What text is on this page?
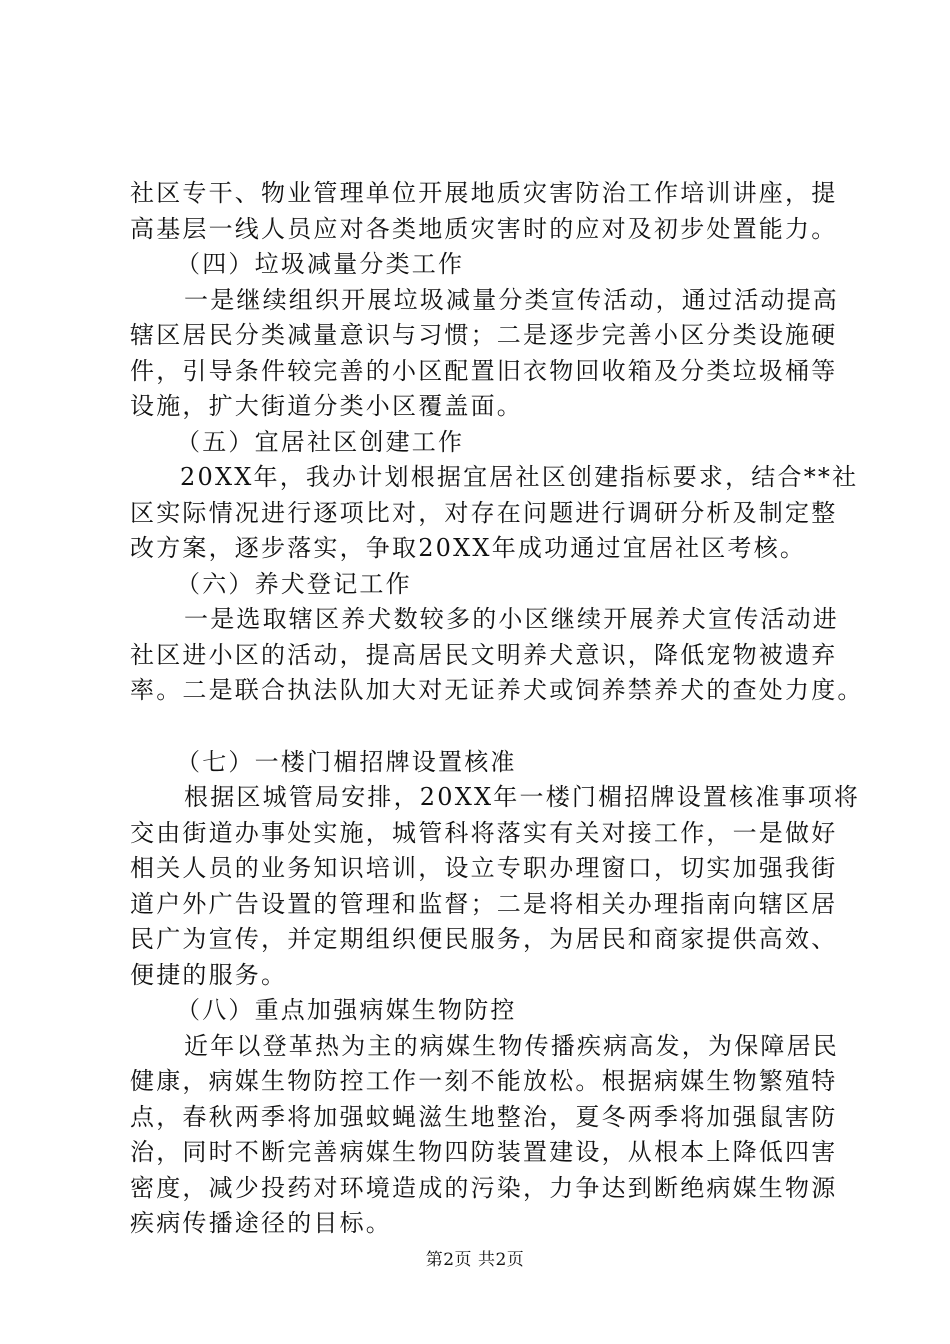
社区专干、物业管理单位开展地质灾害防治工作培训讲座，提
高基层一线人员应对各类地质灾害时的应对及初步处置能力。
（四）垃圾减量分类工作
一是继续组织开展垃圾减量分类宣传活动，通过活动提高
辖区居民分类减量意识与习惯；二是逐步完善小区分类设施硬
件，引导条件较完善的小区配置旧衣物回收箱及分类垃圾桶等
设施，扩大街道分类小区覆盖面。
（五）宜居社区创建工作
20XX年，我办计划根据宜居社区创建指标要求，结合**社
区实际情况进行逐项比对，对存在问题进行调研分析及制定整
改方案，逐步落实，争取20XX年成功通过宜居社区考核。
（六）养犬登记工作
一是选取辖区养犬数较多的小区继续开展养犬宣传活动进
社区进小区的活动，提高居民文明养犬意识，降低宠物被遗弃
率。二是联合执法队加大对无证养犬或饲养禁养犬的查处力度。
（七）一楼门楣招牌设置核准
根据区城管局安排，20XX年一楼门楣招牌设置核准事项将
交由街道办事处实施，城管科将落实有关对接工作，一是做好
相关人员的业务知识培训，设立专职办理窗口，切实加强我街
道户外广告设置的管理和监督；二是将相关办理指南向辖区居
民广为宣传，并定期组织便民服务，为居民和商家提供高效、
便捷的服务。
（八）重点加强病媒生物防控
近年以登革热为主的病媒生物传播疾病高发，为保障居民
健康，病媒生物防控工作一刻不能放松。根据病媒生物繁殖特
点，春秋两季将加强蚊蝇滋生地整治，夏冬两季将加强鼠害防
治，同时不断完善病媒生物四防装置建设，从根本上降低四害
密度，减少投药对环境造成的污染，力争达到断绝病媒生物源
疾病传播途径的目标。
第2页 共2页
